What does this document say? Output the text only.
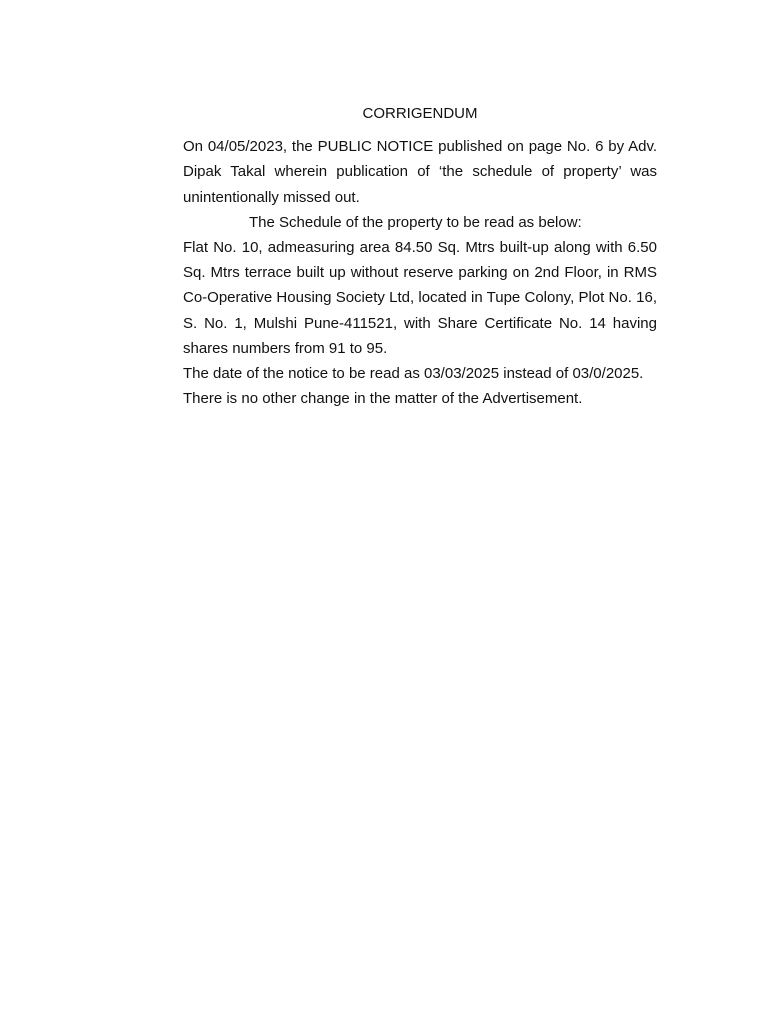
CORRIGENDUM

On 04/05/2023, the PUBLIC NOTICE published on page No. 6 by Adv. Dipak Takal wherein publication of ‘the schedule of property’ was unintentionally missed out.

The Schedule of the property to be read as below:

Flat No. 10, admeasuring area 84.50 Sq. Mtrs built-up along with 6.50 Sq. Mtrs terrace built up without reserve parking on 2nd Floor, in RMS Co-Operative Housing Society Ltd, located in Tupe Colony, Plot No. 16, S. No. 1, Mulshi Pune-411521, with Share Certificate No. 14 having shares numbers from 91 to 95.

The date of the notice to be read as 03/03/2025 instead of 03/0/2025.

There is no other change in the matter of the Advertisement.
